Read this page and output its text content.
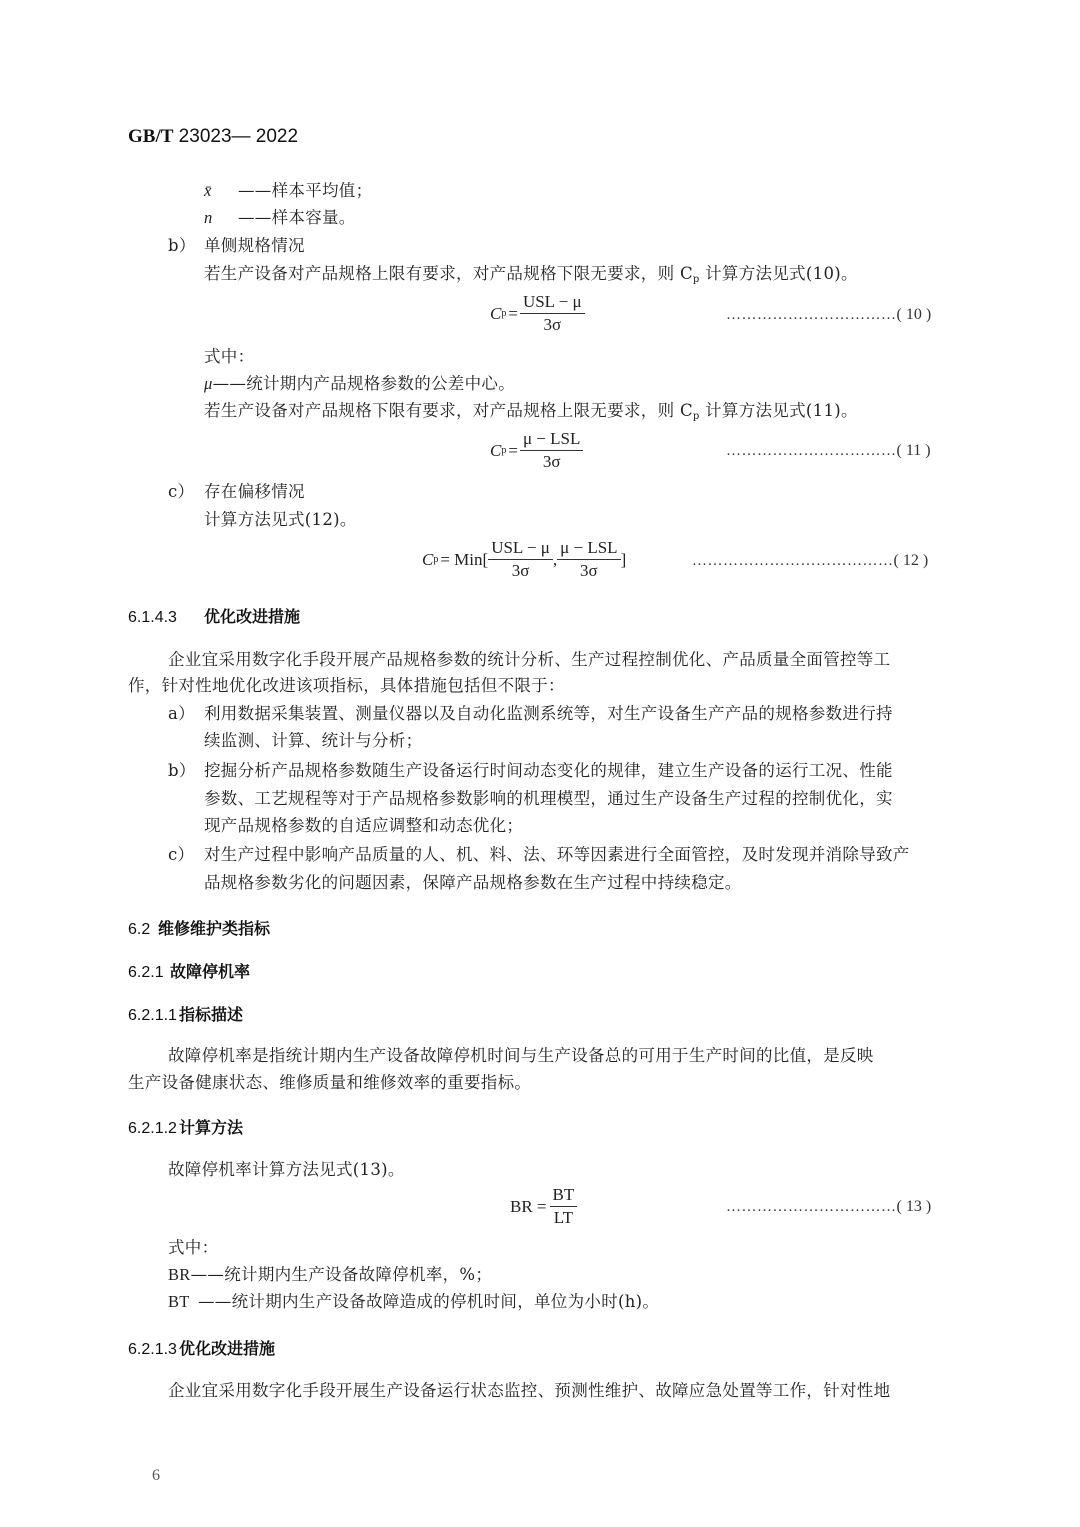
GB/T 23023— 2022
x̄ ——样本平均值；
n ——样本容量。
b） 单侧规格情况
若生产设备对产品规格上限有要求，对产品规格下限无要求，则 $C_p$ 计算方法见式(10)。
C $p = \frac{\text{USL − μ}}{3\sigma}$	……………………………( 10 )
式中：
μ——统计期内产品规格参数的公差中心。
若生产设备对产品规格下限有要求，对产品规格上限无要求，则 $C_p$ 计算方法见式(11)。
C $p = \frac{\text{μ − LSL}}{3\sigma}$	……………………………( 11 )
c） 存在偏移情况
计算方法见式(12)。
C $p = Min[ \frac{\text{USL − μ}}{3\sigma}$ , $\frac{\text{μ − LSL}}{3\sigma}$ ]	…………………………………( 12 )
6.1.4.3 优化改进措施
企业宜采用数字化手段开展产品规格参数的统计分析、生产过程控制优化、产品质量全面管控等工
作，针对性地优化改进该项指标，具体措施包括但不限于：
a） 利用数据采集装置、测量仪器以及自动化监测系统等，对生产设备生产产品的规格参数进行持
续监测、计算、统计与分析；
b） 挖掘分析产品规格参数随生产设备运行时间动态变化的规律，建立生产设备的运行工况、性能
参数、工艺规程等对于产品规格参数影响的机理模型，通过生产设备生产过程的控制优化，实
现产品规格参数的自适应调整和动态优化；
c） 对生产过程中影响产品质量的人、机、料、法、环等因素进行全面管控，及时发现并消除导致产
品规格参数劣化的问题因素，保障产品规格参数在生产过程中持续稳定。
6.2 维修维护类指标
6.2.1 故障停机率
6.2.1.1 指标描述
故障停机率是指统计期内生产设备故障停机时间与生产设备总的可用于生产时间的比值，是反映
生产设备健康状态、维修质量和维修效率的重要指标。
6.2.1.2 计算方法
故障停机率计算方法见式(13)。
BR = $\frac{BT}{LT}$	……………………………( 13 )
式中：
BR——统计期内生产设备故障停机率，%；
BT ——统计期内生产设备故障造成的停机时间，单位为小时(h)。
6.2.1.3 优化改进措施
企业宜采用数字化手段开展生产设备运行状态监控、预测性维护、故障应急处置等工作，针对性地
6
